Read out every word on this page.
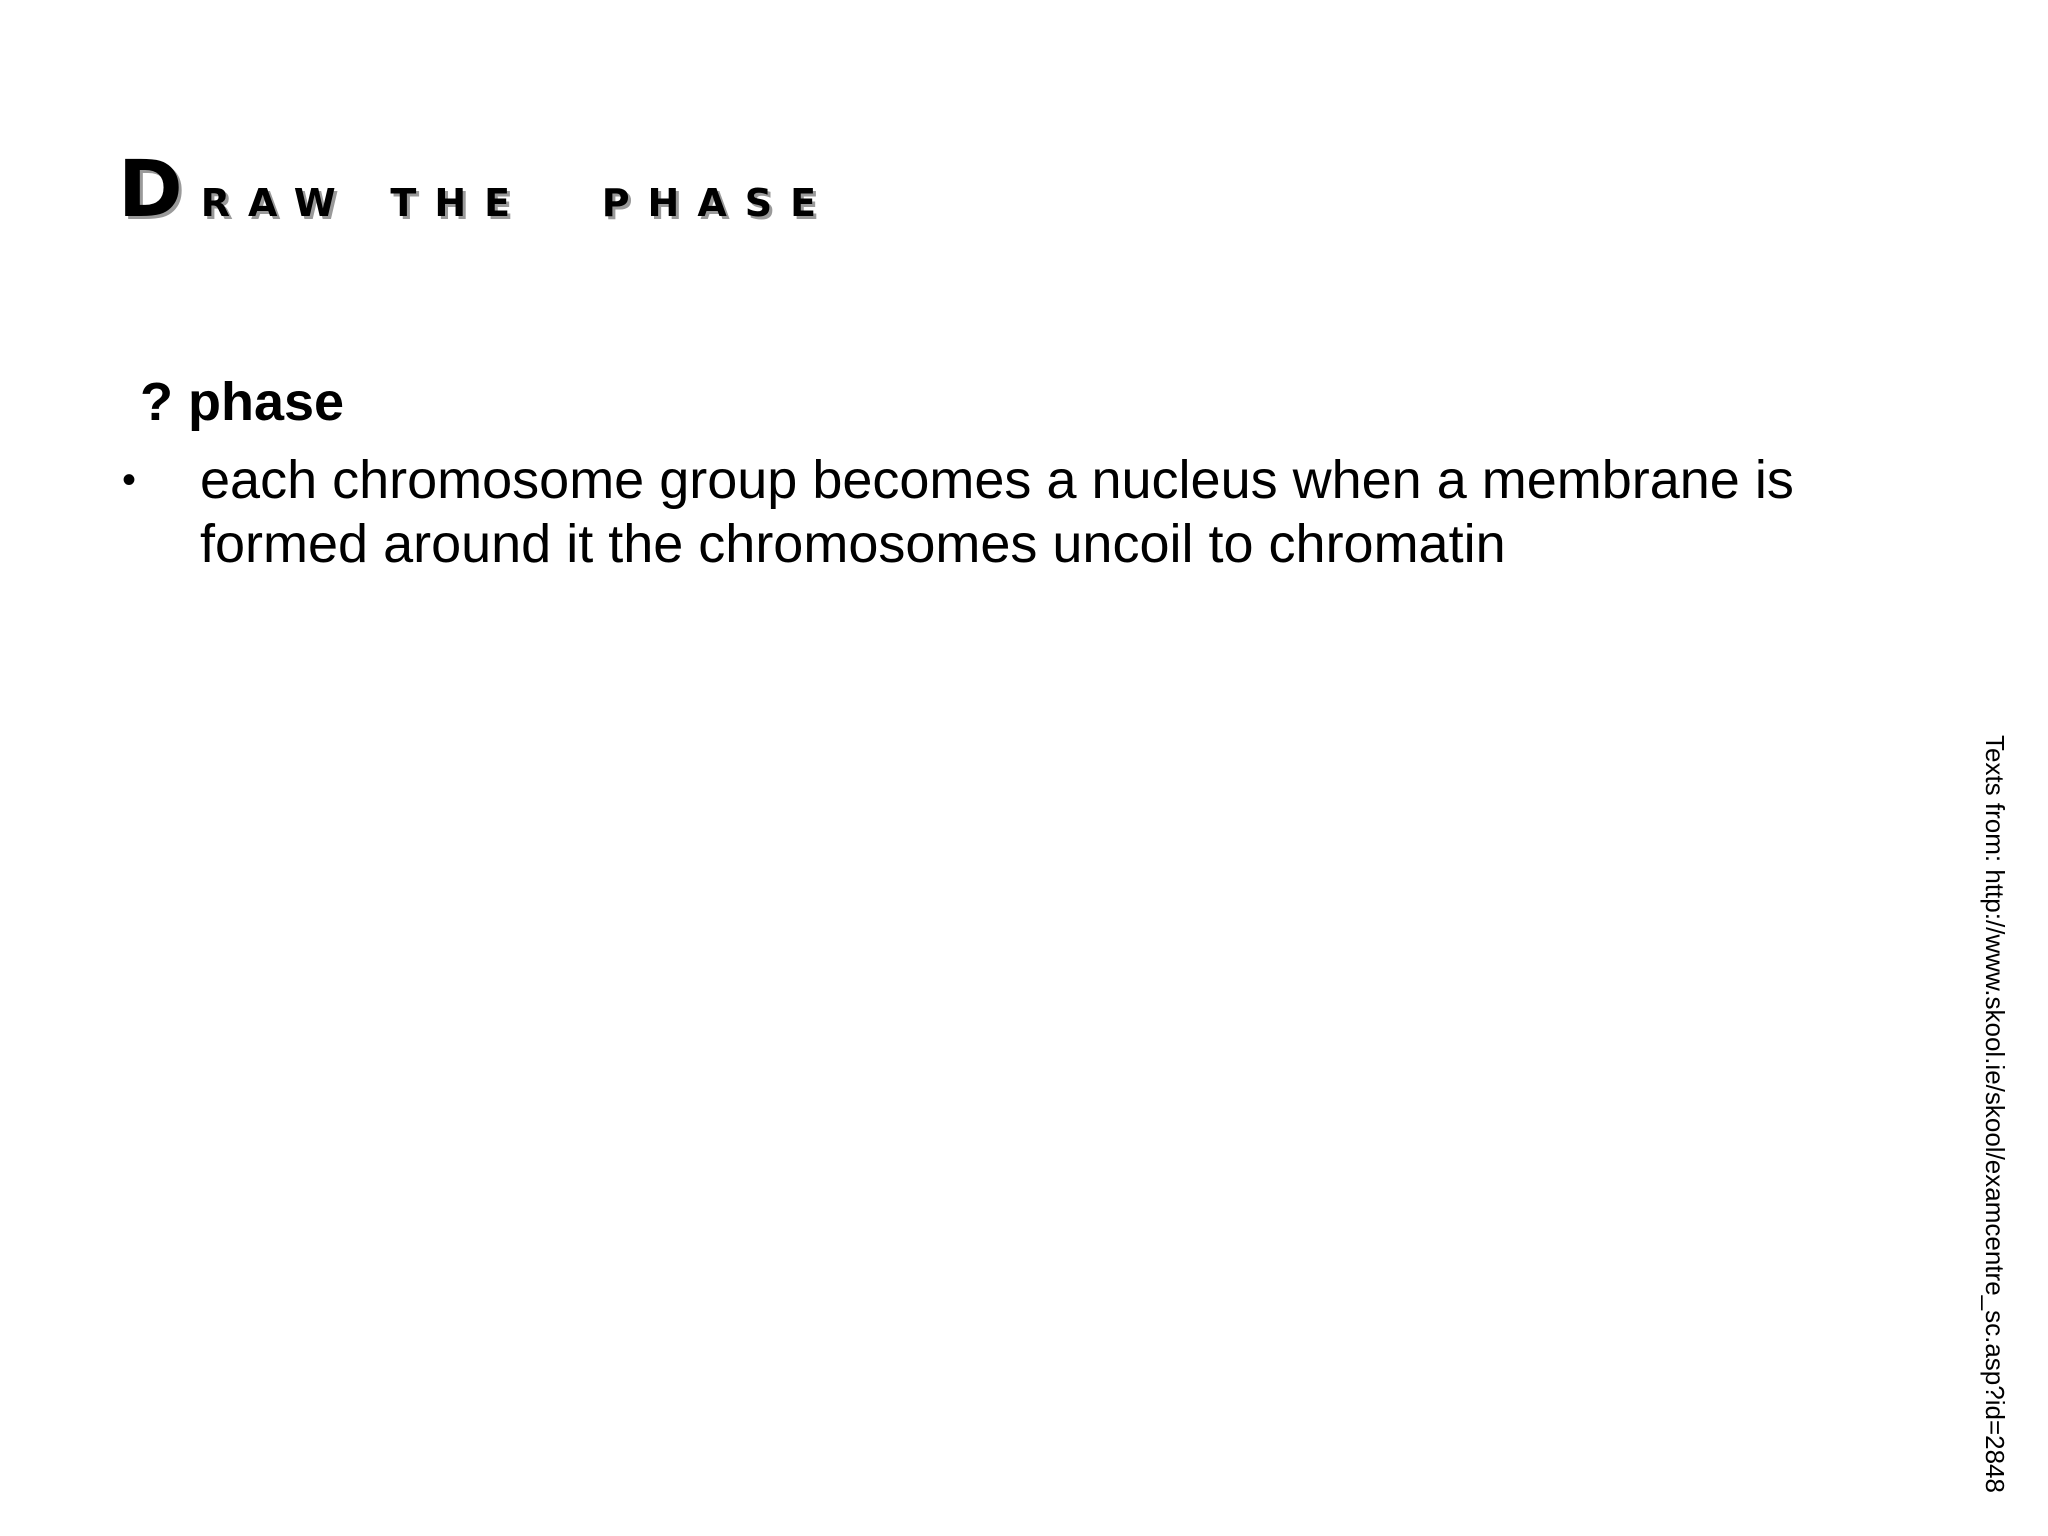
Draw the  phase

? phase

•	each chromosome group becomes a nucleus when a membrane is formed around it the chromosomes uncoil to chromatin
Texts from: http://www.skool.ie/skool/examcentre_sc.asp?id=2848
